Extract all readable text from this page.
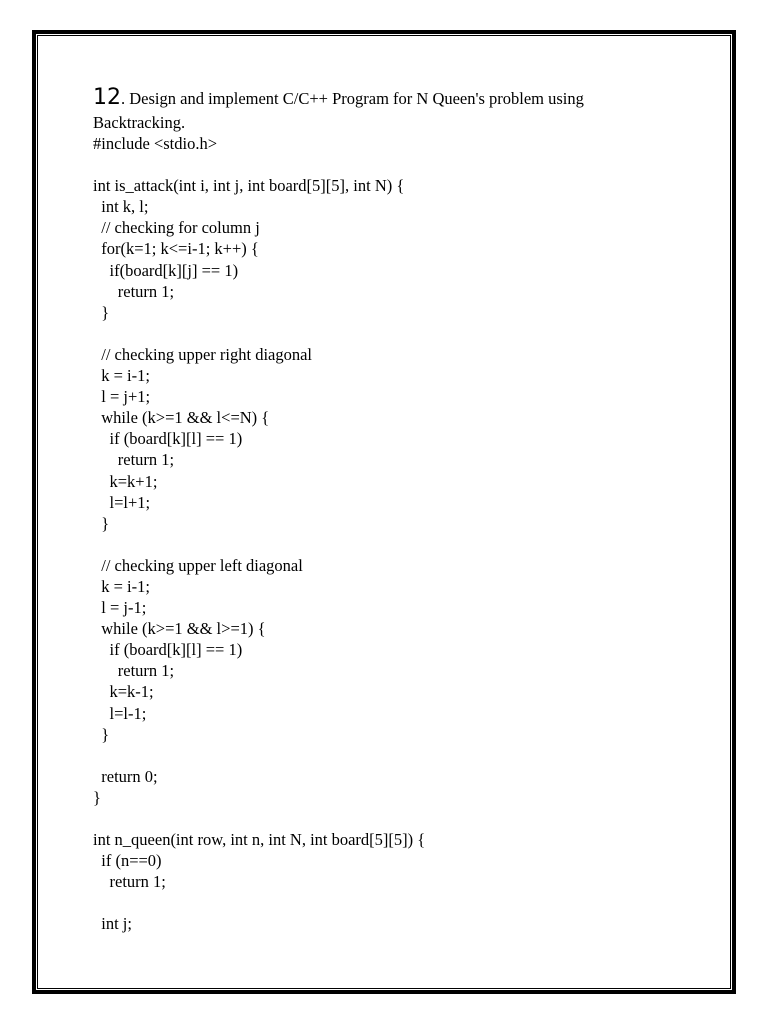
12. Design and implement C/C++ Program for N Queen's problem using
Backtracking.
#include <stdio.h>
int is_attack(int i, int j, int board[5][5], int N) {
int k, l;
// checking for column j
for(k=1; k<=i-1; k++) {
if(board[k][j] == 1)
return 1;
}
// checking upper right diagonal
k = i-1;
l = j+1;
while (k>=1 && l<=N) {
if (board[k][l] == 1)
return 1;
k=k+1;
l=l+1;
}
// checking upper left diagonal
k = i-1;
l = j-1;
while (k>=1 && l>=1) {
if (board[k][l] == 1)
return 1;
k=k-1;
l=l-1;
}
return 0;
}
int n_queen(int row, int n, int N, int board[5][5]) {
if (n==0)
return 1;
int j;
